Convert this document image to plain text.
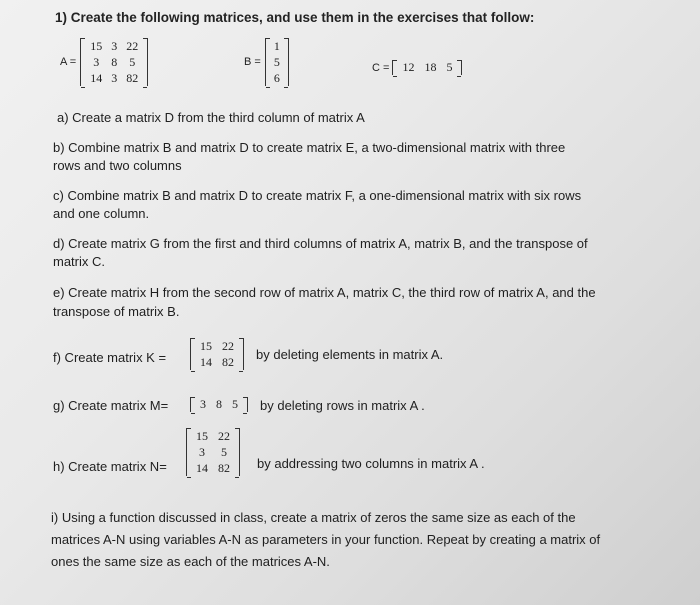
1) Create the following matrices, and use them in the exercises that follow:
A =
15 3 22
3	8	5
14 3 82
B =
1
5
6
C = 12 18 5
a) Create a matrix D from the third column of matrix A
b) Combine matrix B and matrix D to create matrix E, a two-dimensional matrix with three
rows and two columns
c) Combine matrix B and matrix D to create matrix F, a one-dimensional matrix with six rows
and one column.
d) Create matrix G from the first and third columns of matrix A, matrix B, and the transpose of
matrix C.
e) Create matrix H from the second row of matrix A, matrix C, the third row of matrix A, and the
transpose of matrix B.
f) Create matrix K =
15 22
14 82	by deleting elements in matrix A.
g) Create matrix M=	3 8 5	by deleting rows in matrix A .
h) Create matrix N=
15 22
3	5
14 82	by addressing two columns in matrix A .
i) Using a function discussed in class, create a matrix of zeros the same size as each of the
matrices A-N using variables A-N as parameters in your function. Repeat by creating a matrix of
ones the same size as each of the matrices A-N.
